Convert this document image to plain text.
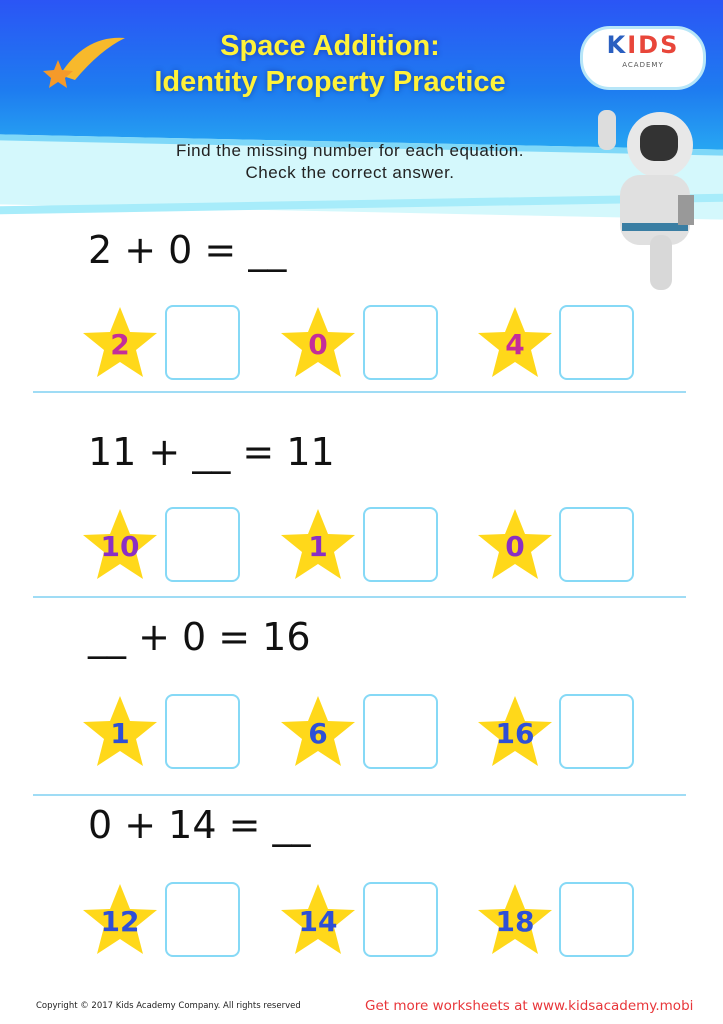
Space Addition:
Identity Property Practice
KIDS
ACADEMY
Find the missing number for each equation.
Check the correct answer.
2 + 0 = __
2	0	4
11 + __ = 11
10	1	0
__ + 0 = 16
1	6	16
0 + 14 = __
12	14	18
Copyright © 2017 Kids Academy Company. All rights reserved	Get more worksheets at www.kidsacademy.mobi
